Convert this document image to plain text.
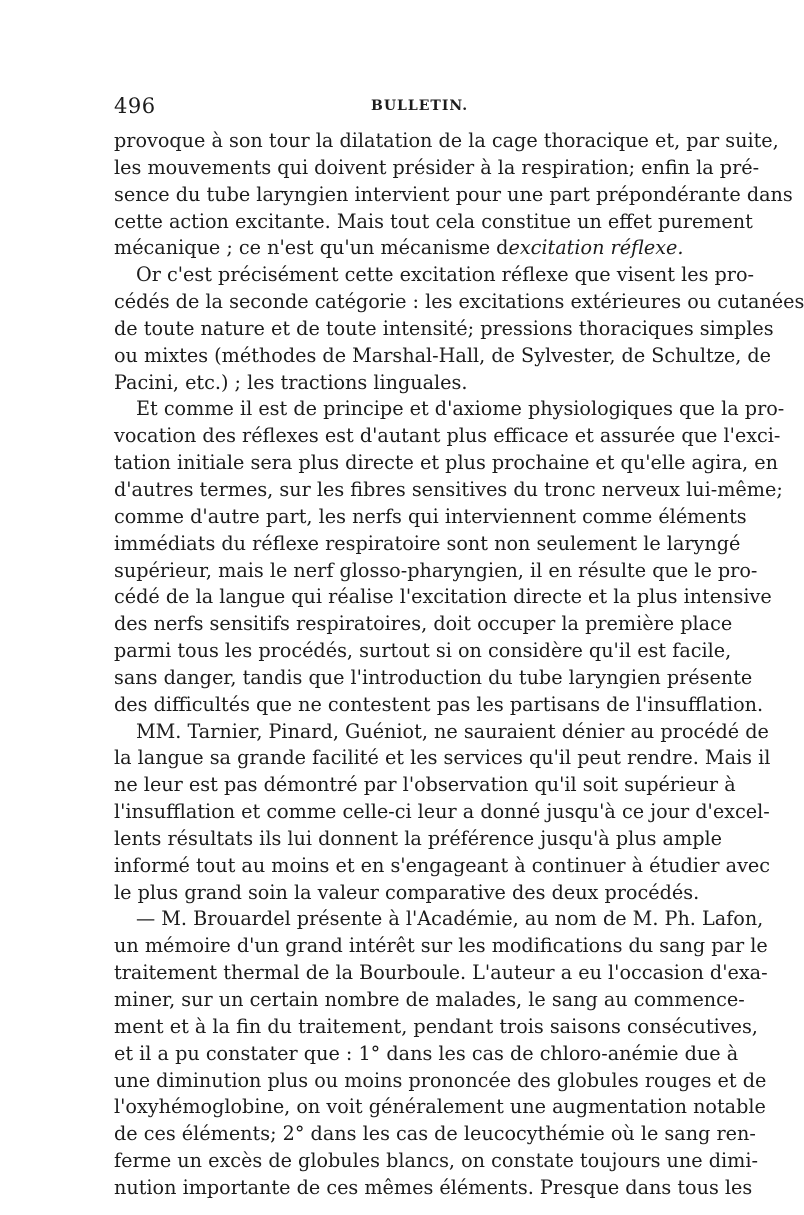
496	BULLETIN.
provoque à son tour la dilatation de la cage thoracique et, par suite,
les mouvements qui doivent présider à la respiration; enfin la pré-
sence du tube laryngien intervient pour une part prépondérante dans
cette action excitante. Mais tout cela constitue un effet purement
mécanique ; ce n'est qu'un mécanisme dexcitation réflexe.
Or c'est précisément cette excitation réflexe que visent les pro-
cédés de la seconde catégorie : les excitations extérieures ou cutanées
de toute nature et de toute intensité; pressions thoraciques simples
ou mixtes (méthodes de Marshal-Hall, de Sylvester, de Schultze, de
Pacini, etc.) ; les tractions linguales.
Et comme il est de principe et d'axiome physiologiques que la pro-
vocation des réflexes est d'autant plus efficace et assurée que l'exci-
tation initiale sera plus directe et plus prochaine et qu'elle agira, en
d'autres termes, sur les fibres sensitives du tronc nerveux lui-même;
comme d'autre part, les nerfs qui interviennent comme éléments
immédiats du réflexe respiratoire sont non seulement le laryngé
supérieur, mais le nerf glosso-pharyngien, il en résulte que le pro-
cédé de la langue qui réalise l'excitation directe et la plus intensive
des nerfs sensitifs respiratoires, doit occuper la première place
parmi tous les procédés, surtout si on considère qu'il est facile,
sans danger, tandis que l'introduction du tube laryngien présente
des difficultés que ne contestent pas les partisans de l'insufflation.
MM. Tarnier, Pinard, Guéniot, ne sauraient dénier au procédé de
la langue sa grande facilité et les services qu'il peut rendre. Mais il
ne leur est pas démontré par l'observation qu'il soit supérieur à
l'insufflation et comme celle-ci leur a donné jusqu'à ce jour d'excel-
lents résultats ils lui donnent la préférence jusqu'à plus ample
informé tout au moins et en s'engageant à continuer à étudier avec
le plus grand soin la valeur comparative des deux procédés.
— M. Brouardel présente à l'Académie, au nom de M. Ph. Lafon,
un mémoire d'un grand intérêt sur les modifications du sang par le
traitement thermal de la Bourboule. L'auteur a eu l'occasion d'exa-
miner, sur un certain nombre de malades, le sang au commence-
ment et à la fin du traitement, pendant trois saisons consécutives,
et il a pu constater que : 1° dans les cas de chloro-anémie due à
une diminution plus ou moins prononcée des globules rouges et de
l'oxyhémoglobine, on voit généralement une augmentation notable
de ces éléments; 2° dans les cas de leucocythémie où le sang ren-
ferme un excès de globules blancs, on constate toujours une dimi-
nution importante de ces mêmes éléments. Presque dans tous les
